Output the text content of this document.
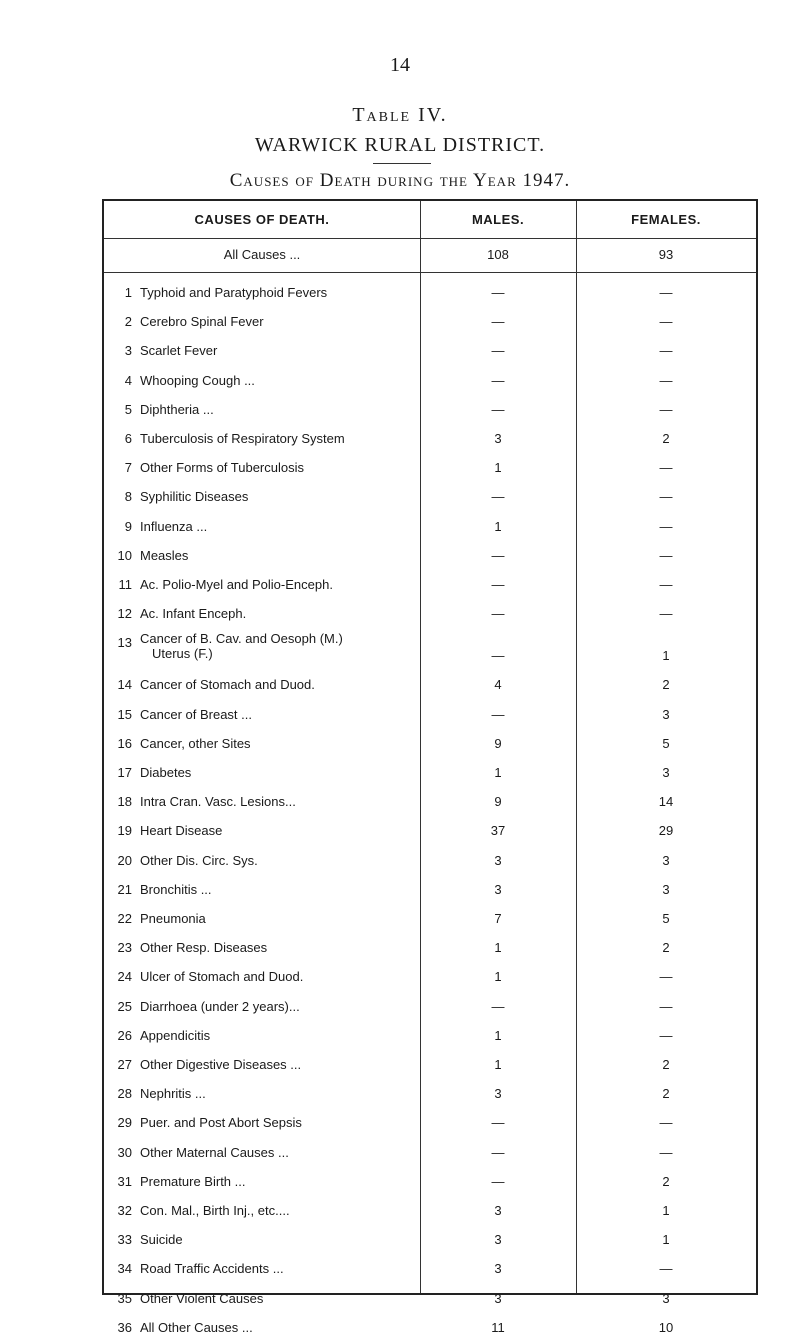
14
Table IV.
WARWICK RURAL DISTRICT.
Causes of Death during the Year 1947.
CAUSES OF DEATH.	MALES.	FEMALES.
All Causes ...	108	93
1 Typhoid and Paratyphoid Fevers	—	—
2 Cerebro Spinal Fever	—	—
3 Scarlet Fever	—	—
4 Whooping Cough ...	—	—
5 Diphtheria ...	—	—
6 Tuberculosis of Respiratory System	3	2
7 Other Forms of Tuberculosis	1	—
8 Syphilitic Diseases	—	—
9 Influenza ...	1	—
10 Measles	—	—
11 Ac. Polio-Myel and Polio-Enceph.	—	—
12 Ac. Infant Enceph.	—	—
13 Cancer of B. Cav. and Oesoph (M.)
Uterus (F.)	—	1
14 Cancer of Stomach and Duod.	4	2
15 Cancer of Breast ...	—	3
16 Cancer, other Sites	9	5
17 Diabetes	1	3
18 Intra Cran. Vasc. Lesions...	9	14
19 Heart Disease	37	29
20 Other Dis. Circ. Sys.	3	3
21 Bronchitis ...	3	3
22 Pneumonia	7	5
23 Other Resp. Diseases	1	2
24 Ulcer of Stomach and Duod.	1	—
25 Diarrhoea (under 2 years)...	—	—
26 Appendicitis	1	—
27 Other Digestive Diseases ...	1	2
28 Nephritis ...	3	2
29 Puer. and Post Abort Sepsis	—	—
30 Other Maternal Causes ...	—	—
31 Premature Birth ...	—	2
32 Con. Mal., Birth Inj., etc....	3	1
33 Suicide	3	1
34 Road Traffic Accidents ...	3	—
35 Other Violent Causes	3	3
36 All Other Causes ...	11	10
